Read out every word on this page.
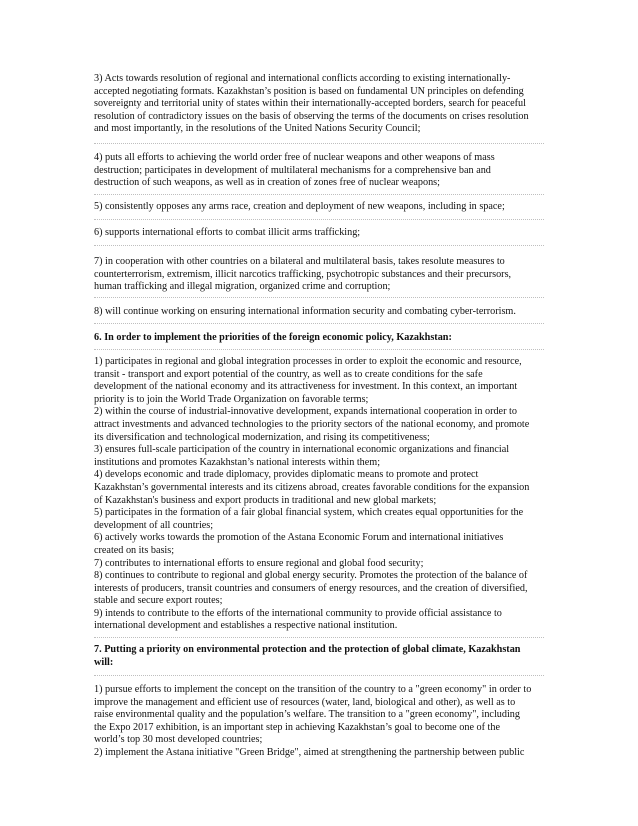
3) Acts towards resolution of regional and international conflicts according to existing internationally-
accepted negotiating formats. Kazakhstan’s position is based on fundamental UN principles on defending
sovereignty and territorial unity of states within their internationally-accepted borders, search for peaceful
resolution of contradictory issues on the basis of observing the terms of the documents on crises resolution
and most importantly, in the resolutions of the United Nations Security Council;
4) puts all efforts to achieving the world order free of nuclear weapons and other weapons of mass
destruction; participates in development of multilateral mechanisms for a comprehensive ban and
destruction of such weapons, as well as in creation of zones free of nuclear weapons;
5) consistently opposes any arms race, creation and deployment of new weapons, including in space;
6) supports international efforts to combat illicit arms trafficking;
7) in cooperation with other countries on a bilateral and multilateral basis, takes resolute measures to
counterterrorism, extremism, illicit narcotics trafficking, psychotropic substances and their precursors,
human trafficking and illegal migration, organized crime and corruption;
8) will continue working on ensuring international information security and combating cyber-terrorism.
6. In order to implement the priorities of the foreign economic policy, Kazakhstan:
1) participates in regional and global integration processes in order to exploit the economic and resource,
transit - transport and export potential of the country, as well as to create conditions for the safe
development of the national economy and its attractiveness for investment. In this context, an important
priority is to join the World Trade Organization on favorable terms;
2) within the course of industrial-innovative development, expands international cooperation in order to
attract investments and advanced technologies to the priority sectors of the national economy, and promote
its diversification and technological modernization, and rising its competitiveness;
3) ensures full-scale participation of the country in international economic organizations and financial
institutions and promotes Kazakhstan’s national interests within them;
4) develops economic and trade diplomacy, provides diplomatic means to promote and protect
Kazakhstan’s governmental interests and its citizens abroad, creates favorable conditions for the expansion
of Kazakhstan's business and export products in traditional and new global markets;
5) participates in the formation of a fair global financial system, which creates equal opportunities for the
development of all countries;
6) actively works towards the promotion of the Astana Economic Forum and international initiatives
created on its basis;
7) contributes to international efforts to ensure regional and global food security;
8) continues to contribute to regional and global energy security. Promotes the protection of the balance of
interests of producers, transit countries and consumers of energy resources, and the creation of diversified,
stable and secure export routes;
9) intends to contribute to the efforts of the international community to provide official assistance to
international development and establishes a respective national institution.
7. Putting a priority on environmental protection and the protection of global climate, Kazakhstan
will:
1) pursue efforts to implement the concept on the transition of the country to a "green economy" in order to
improve the management and efficient use of resources (water, land, biological and other), as well as to
raise environmental quality and the population’s welfare. The transition to a "green economy", including
the Expo 2017 exhibition, is an important step in achieving Kazakhstan’s goal to become one of the
world’s top 30 most developed countries;
2) implement the Astana initiative "Green Bridge", aimed at strengthening the partnership between public
